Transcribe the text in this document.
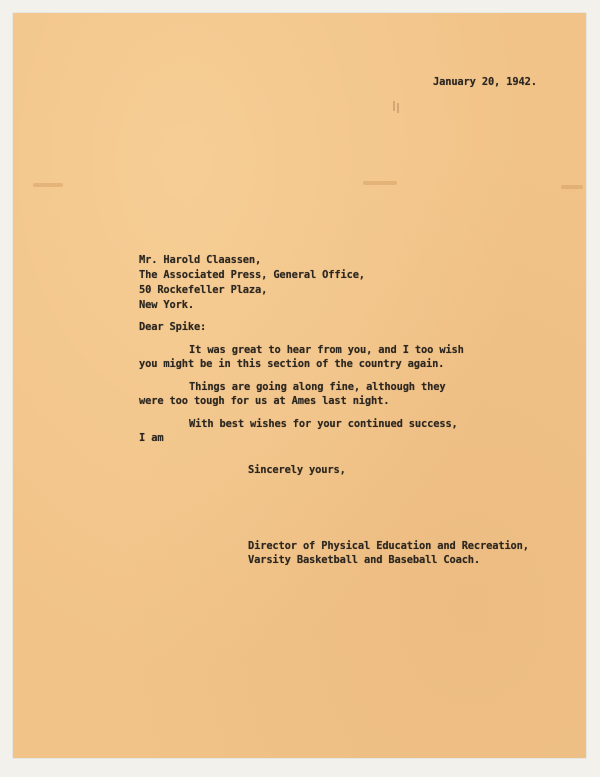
January 20, 1942.
Mr. Harold Claassen,
The Associated Press, General Office,
50 Rockefeller Plaza,
New York.
Dear Spike:
It was great to hear from you, and I too wish
you might be in this section of the country again.
Things are going along fine, although they
were too tough for us at Ames last night.
With best wishes for your continued success,
I am
Sincerely yours,
Director of Physical Education and Recreation,
Varsity Basketball and Baseball Coach.
